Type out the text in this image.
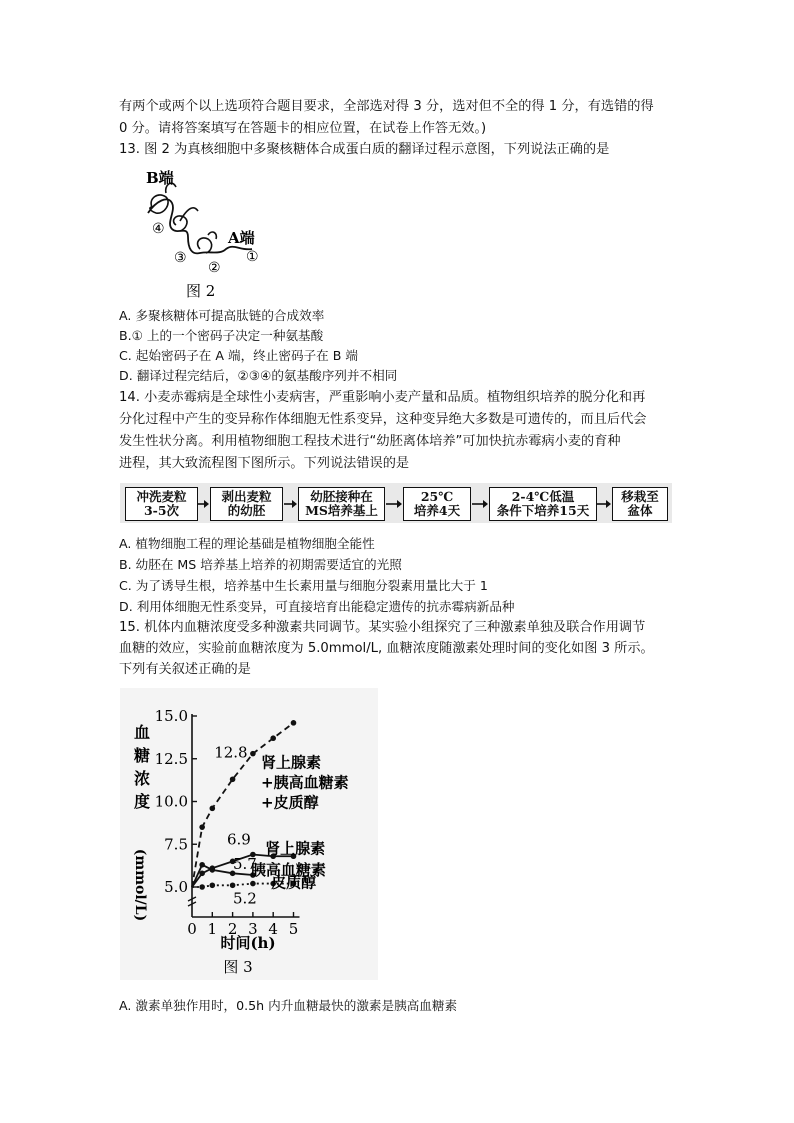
有两个或两个以上选项符合题目要求，全部选对得 3 分，选对但不全的得 1 分，有选错的得
0 分。请将答案填写在答题卡的相应位置，在试卷上作答无效。)
13. 图 2 为真核细胞中多聚核糖体合成蛋白质的翻译过程示意图，下列说法正确的是
B端
A端
④
③
②
①
图 2
A. 多聚核糖体可提高肽链的合成效率
B.① 上的一个密码子决定一种氨基酸
C. 起始密码子在 A 端，终止密码子在 B 端
D. 翻译过程完结后，②③④的氨基酸序列并不相同
14. 小麦赤霉病是全球性小麦病害，严重影响小麦产量和品质。植物组织培养的脱分化和再
分化过程中产生的变异称作体细胞无性系变异，这种变异绝大多数是可遗传的，而且后代会
发生性状分离。利用植物细胞工程技术进行“幼胚离体培养”可加快抗赤霉病小麦的育种
进程，其大致流程图下图所示。下列说法错误的是
冲洗麦粒
3-5次
剥出麦粒
的幼胚
幼胚接种在
MS培养基上
25℃
培养4天
2-4℃低温
条件下培养15天
移栽至
盆体
A. 植物细胞工程的理论基础是植物细胞全能性
B. 幼胚在 MS 培养基上培养的初期需要适宜的光照
C. 为了诱导生根，培养基中生长素用量与细胞分裂素用量比大于 1
D. 利用体细胞无性系变异，可直接培育出能稳定遗传的抗赤霉病新品种
15. 机体内血糖浓度受多种激素共同调节。某实验小组探究了三种激素单独及联合作用调节
血糖的效应，实验前血糖浓度为 5.0mmol/L, 血糖浓度随激素处理时间的变化如图 3 所示。
下列有关叙述正确的是
血
糖
浓
度
(mmol/L) 5.0
7.5
10.0
12.5
15.0
0 1 2 3 4 5
肾上腺素
+胰高血糖素
+皮质醇
肾上腺素
胰高血糖素
皮质醇
12.8
6.9
5.7
5.2
时间(h)
图 3
A. 激素单独作用时，0.5h 内升血糖最快的激素是胰高血糖素
